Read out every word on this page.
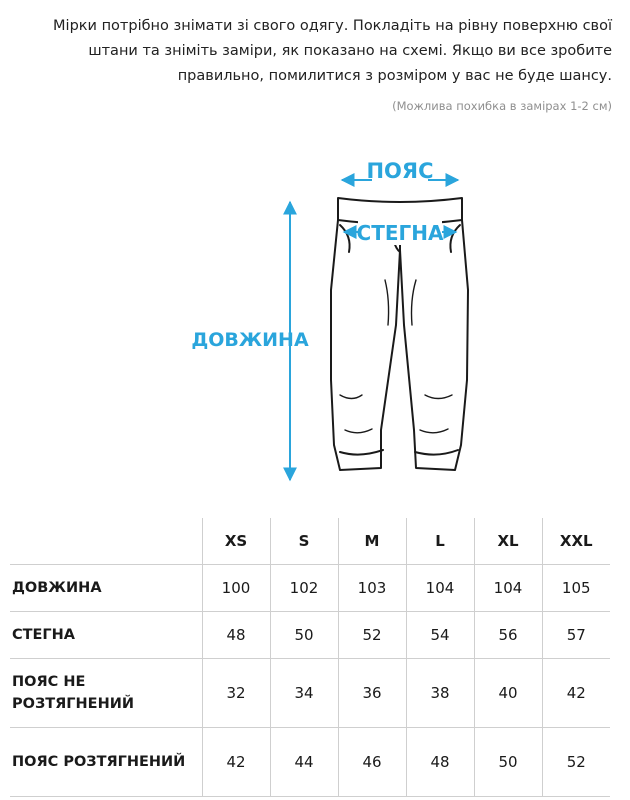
Мірки потрібно знімати зі свого одягу. Покладіть на рівну поверхню свої штани та зніміть заміри, як показано на схемі. Якщо ви все зробите правильно, помилитися з розміром у вас не буде шансу.
(Можлива похибка в замірах 1-2 см)
ПОЯС
СТЕГНА
ДОВЖИНА
	XS	S	M	L	XL	XXL
ДОВЖИНА	100	102	103	104	104	105
СТЕГНА	48	50	52	54	56	57
ПОЯС НЕ РОЗТЯГНЕНИЙ	32	34	36	38	40	42
ПОЯС РОЗТЯГНЕНИЙ	42	44	46	48	50	52
